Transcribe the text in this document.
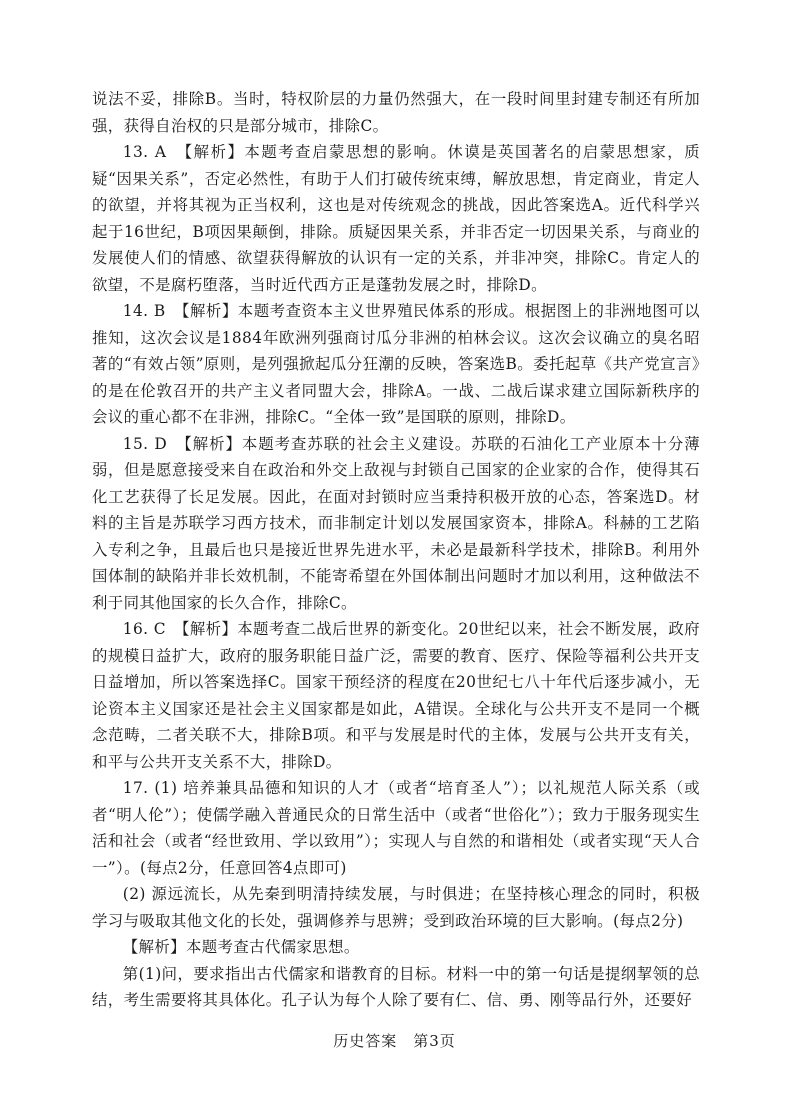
说法不妥，排除B。当时，特权阶层的力量仍然强大，在一段时间里封建专制还有所加强，获得自治权的只是部分城市，排除C。

13. A　【解析】本题考查启蒙思想的影响。休谟是英国著名的启蒙思想家，质疑“因果关系”，否定必然性，有助于人们打破传统束缚，解放思想，肯定商业，肯定人的欲望，并将其视为正当权利，这也是对传统观念的挑战，因此答案选A。近代科学兴起于16世纪，B项因果颠倒，排除。质疑因果关系，并非否定一切因果关系，与商业的发展使人们的情感、欲望获得解放的认识有一定的关系，并非冲突，排除C。肯定人的欲望，不是腐朽堕落，当时近代西方正是蓬勃发展之时，排除D。

14. B　【解析】本题考查资本主义世界殖民体系的形成。根据图上的非洲地图可以推知，这次会议是1884年欧洲列强商讨瓜分非洲的柏林会议。这次会议确立的臭名昭著的“有效占领”原则，是列强掀起瓜分狂潮的反映，答案选B。委托起草《共产党宣言》的是在伦敦召开的共产主义者同盟大会，排除A。一战、二战后谋求建立国际新秩序的会议的重心都不在非洲，排除C。“全体一致”是国联的原则，排除D。

15. D　【解析】本题考查苏联的社会主义建设。苏联的石油化工产业原本十分薄弱，但是愿意接受来自在政治和外交上敌视与封锁自己国家的企业家的合作，使得其石化工艺获得了长足发展。因此，在面对封锁时应当秉持积极开放的心态，答案选D。材料的主旨是苏联学习西方技术，而非制定计划以发展国家资本，排除A。科赫的工艺陷入专利之争，且最后也只是接近世界先进水平，未必是最新科学技术，排除B。利用外国体制的缺陷并非长效机制，不能寄希望在外国体制出问题时才加以利用，这种做法不利于同其他国家的长久合作，排除C。

16. C　【解析】本题考查二战后世界的新变化。20世纪以来，社会不断发展，政府的规模日益扩大，政府的服务职能日益广泛，需要的教育、医疗、保险等福利公共开支日益增加，所以答案选择C。国家干预经济的程度在20世纪七八十年代后逐步减小，无论资本主义国家还是社会主义国家都是如此，A错误。全球化与公共开支不是同一个概念范畴，二者关联不大，排除B项。和平与发展是时代的主体，发展与公共开支有关，和平与公共开支关系不大，排除D。

17. (1) 培养兼具品德和知识的人才（或者“培育圣人”）；以礼规范人际关系（或者“明人伦”）；使儒学融入普通民众的日常生活中（或者“世俗化”）；致力于服务现实生活和社会（或者“经世致用、学以致用”）；实现人与自然的和谐相处（或者实现“天人合一”）。(每点2分，任意回答4点即可)

(2) 源远流长，从先秦到明清持续发展，与时俱进；在坚持核心理念的同时，积极学习与吸取其他文化的长处，强调修养与思辨；受到政治环境的巨大影响。(每点2分)

【解析】本题考查古代儒家思想。

第(1)问，要求指出古代儒家和谐教育的目标。材料一中的第一句话是提纲挈领的总结，考生需要将其具体化。孔子认为每个人除了要有仁、信、勇、刚等品行外，还要好

历史答案　第3页
